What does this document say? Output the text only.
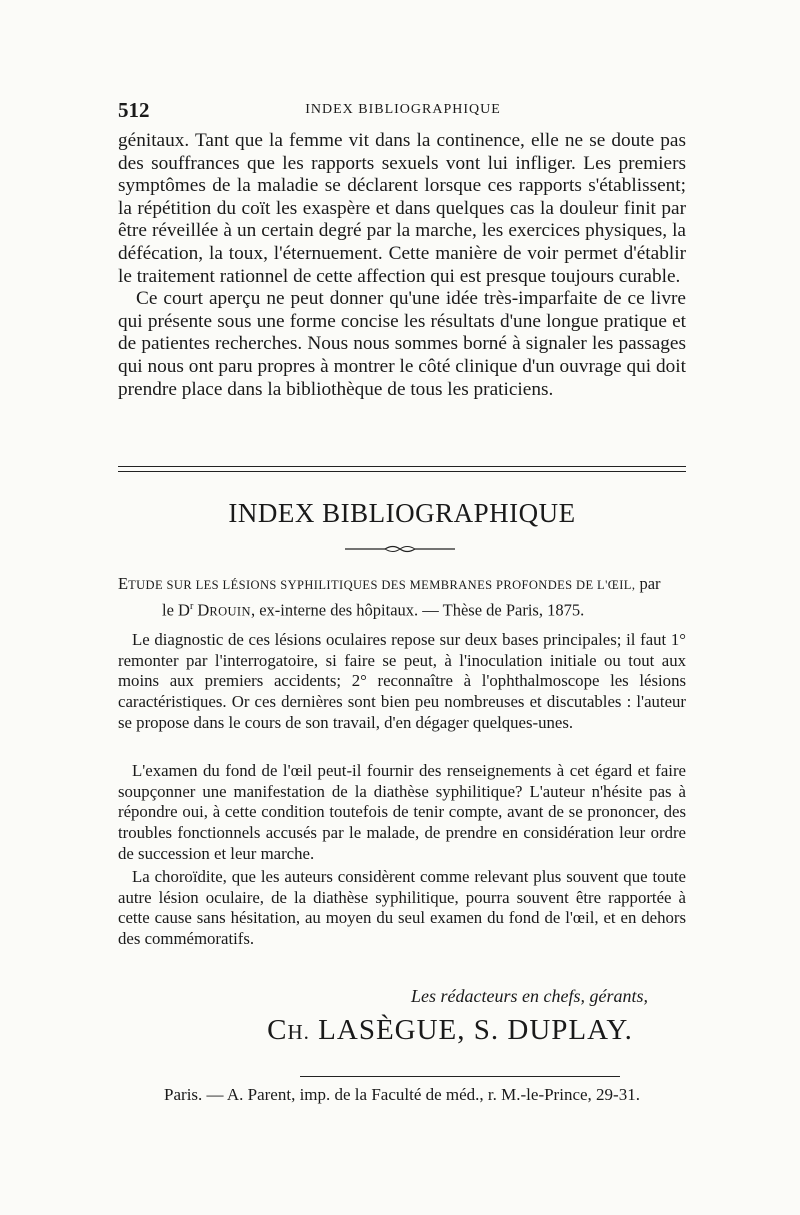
512	INDEX BIBLIOGRAPHIQUE

génitaux. Tant que la femme vit dans la continence, elle ne se doute pas des souffrances que les rapports sexuels vont lui infliger. Les premiers symptômes de la maladie se déclarent lorsque ces rapports s'établissent; la répétition du coït les exaspère et dans quelques cas la douleur finit par être réveillée à un certain degré par la marche, les exercices physiques, la défécation, la toux, l'éternuement. Cette manière de voir permet d'établir le traitement rationnel de cette affection qui est presque toujours curable.

Ce court aperçu ne peut donner qu'une idée très-imparfaite de ce livre qui présente sous une forme concise les résultats d'une longue pratique et de patientes recherches. Nous nous sommes borné à signaler les passages qui nous ont paru propres à montrer le côté clinique d'un ouvrage qui doit prendre place dans la bibliothèque de tous les praticiens.

INDEX BIBLIOGRAPHIQUE
ETUDE SUR LES LÉSIONS SYPHILITIQUES DES MEMBRANES PROFONDES DE L'ŒIL, par
le $D^r$ DROUIN, ex-interne des hôpitaux. — Thèse de Paris, 1875.

Le diagnostic de ces lésions oculaires repose sur deux bases principales; il faut 1° remonter par l'interrogatoire, si faire se peut, à l'inoculation initiale ou tout aux moins aux premiers accidents; 2° reconnaître à l'ophthalmoscope les lésions caractéristiques. Or ces dernières sont bien peu nombreuses et discutables : l'auteur se propose dans le cours de son travail, d'en dégager quelques-unes.

L'examen du fond de l'œil peut-il fournir des renseignements à cet égard et faire soupçonner une manifestation de la diathèse syphilitique? L'auteur n'hésite pas à répondre oui, à cette condition toutefois de tenir compte, avant de se prononcer, des troubles fonctionnels accusés par le malade, de prendre en considération leur ordre de succession et leur marche.

La choroïdite, que les auteurs considèrent comme relevant plus souvent que toute autre lésion oculaire, de la diathèse syphilitique, pourra souvent être rapportée à cette cause sans hésitation, au moyen du seul examen du fond de l'œil, et en dehors des commémoratifs.

Les rédacteurs en chefs, gérants,
CH. LASÈGUE, S. DUPLAY.
Paris. — A. Parent, imp. de la Faculté de méd., r. M.-le-Prince, 29-31.
